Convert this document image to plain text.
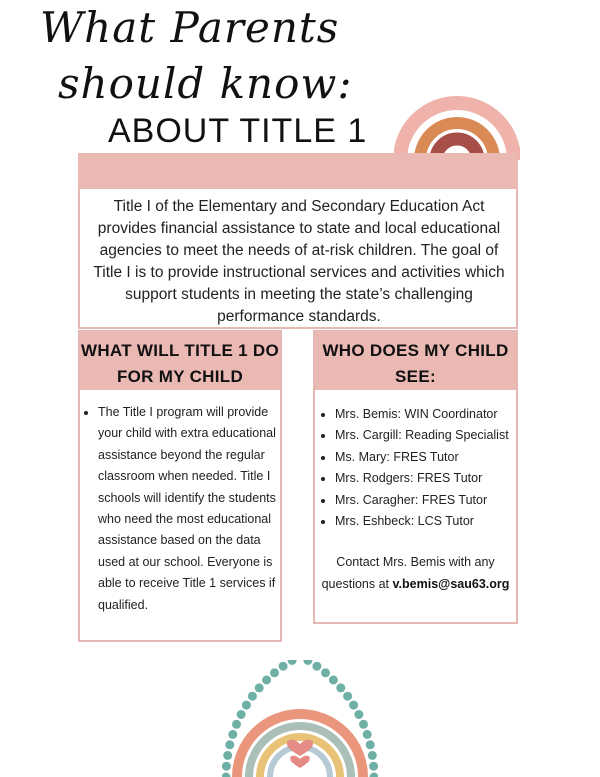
What Parents
should know:
ABOUT TITLE 1

Title I of the Elementary and Secondary Education Act provides financial assistance to state and local educational agencies to meet the needs of at-risk children. The goal of Title I is to provide instructional services and activities which support students in meeting the state’s challenging performance standards.

WHAT WILL TITLE 1 DO FOR MY CHILD
• The Title I program will provide your child with extra educational assistance beyond the regular classroom when needed. Title I schools will identify the students who need the most educational assistance based on the data used at our school. Everyone is able to receive Title 1 services if qualified.
WHO DOES MY CHILD SEE:
• Mrs. Bemis: WIN Coordinator
• Mrs. Cargill: Reading Specialist
• Ms. Mary: FRES Tutor
• Mrs. Rodgers: FRES Tutor
• Mrs. Caragher: FRES Tutor
• Mrs. Eshbeck: LCS Tutor

Contact Mrs. Bemis with any questions at v.bemis@sau63.org
